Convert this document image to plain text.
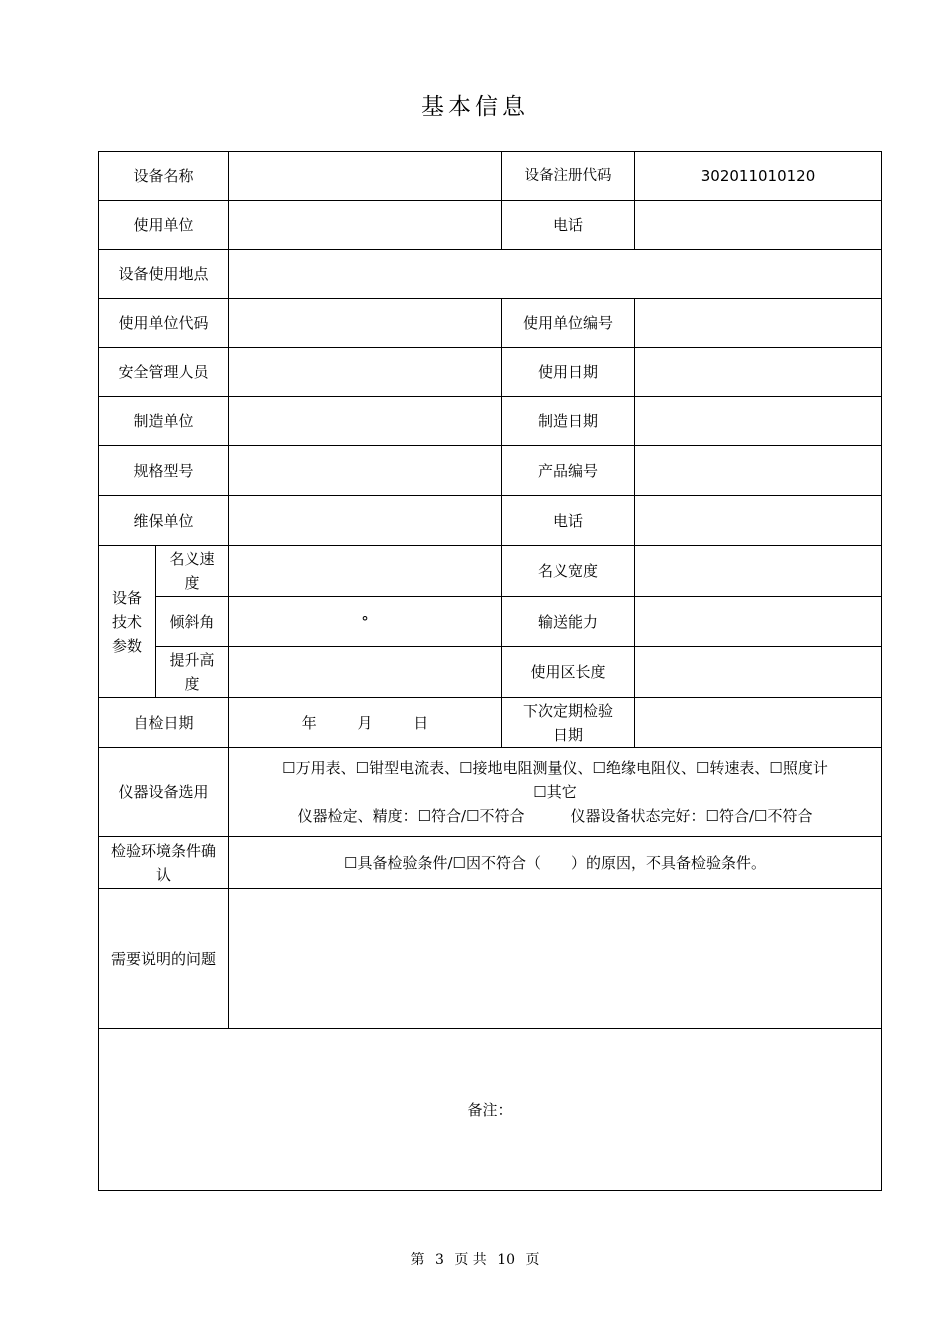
基本信息
设备名称			设备注册代码	302011010120
使用单位			电话	
设备使用地点				
使用单位代码			使用单位编号	
安全管理人员			使用日期	
制造单位			制造日期	
规格型号			产品编号	
维保单位			电话	
设备技术参数	名义速度		名义宽度	
	倾斜角	°	输送能力	
	提升高度		使用区长度	
自检日期		年 月 日	下次定期检验日期	
仪器设备选用		☐万用表、☐钳型电流表、☐接地电阻测量仪、☐绝缘电阻仪、☐转速表、☐照度计
☐其它
仪器检定、精度：☐符合/☐不符合 仪器设备状态完好：☐符合/☐不符合		

检验环境条件确认		☐具备检验条件/☐因不符合（　　）的原因，不具备检验条件。		
需要说明的问题				
备注：				
第 3 页 共 10 页
